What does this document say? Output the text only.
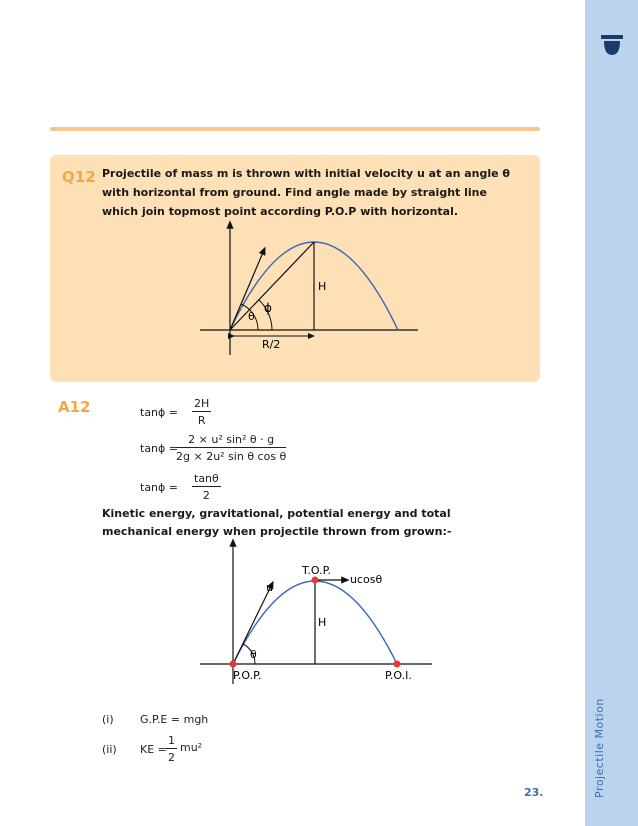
Projectile Motion
Q12 Projectile of mass m is thrown with initial velocity u at an angle θ with horizontal from ground. Find angle made by straight line which join topmost point according P.O.P with horizontal.
H
θ
ϕ
R/2
A12	$\tan\phi = \frac{2H}{R}$
tanϕ =
$\frac{\text{2 × u² sin² θ · g}}{\text{2g × 2u² sin θ cos θ}}$
$\tan\phi = \frac{\tan\theta}{2}$
Kinetic energy, gravitational, potential energy and total mechanical energy when projectile thrown from grown:-
T.O.P.
ucosθ
u
H
θ
P.O.P.	P.O.I.
(i) G.P.E = mgh
(ii) KE = $\frac{1}{2} mu^2$
23.
